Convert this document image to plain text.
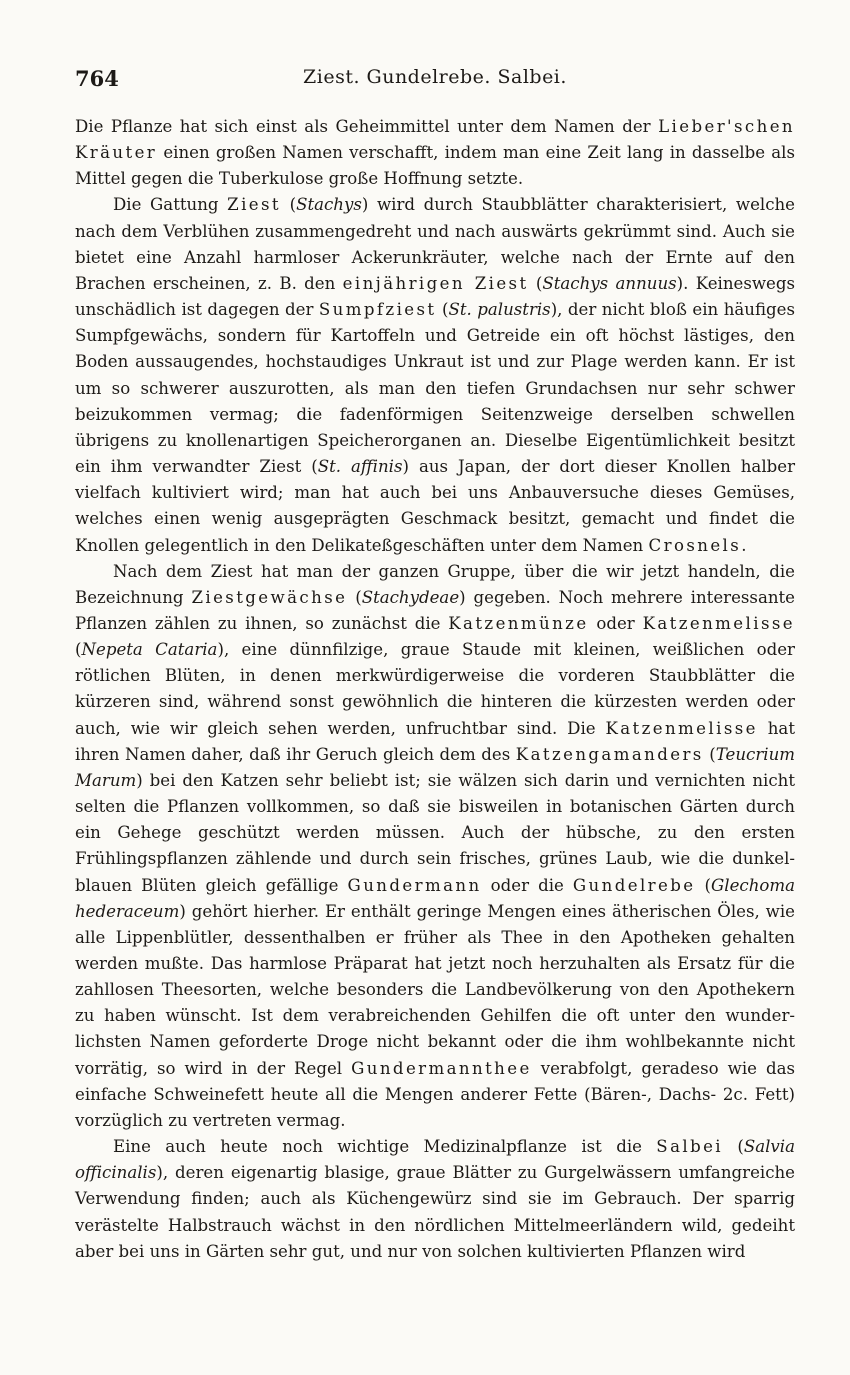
764	Ziest. Gundelrebe. Salbei.

Die Pflanze hat sich einst als Geheimmittel unter dem Namen der Lieber'schen Kräuter einen großen Namen verschafft, indem man eine Zeit lang in dasselbe als Mittel gegen die Tuberkulose große Hoffnung setzte.

Die Gattung Ziest (Stachys) wird durch Staubblätter charakterisiert, welche nach dem Verblühen zusammengedreht und nach auswärts gekrümmt sind. Auch sie bietet eine Anzahl harmloser Ackerunkräuter, welche nach der Ernte auf den Brachen erscheinen, z. B. den einjährigen Ziest (Stachys annuus). Keineswegs unschädlich ist dagegen der Sumpfziest (St. palustris), der nicht bloß ein häufiges Sumpfgewächs, sondern für Kartoffeln und Getreide ein oft höchst lästiges, den Boden aussaugendes, hochstaudiges Unkraut ist und zur Plage werden kann. Er ist um so schwerer auszurotten, als man den tiefen Grundachsen nur sehr schwer beizukommen vermag; die fadenförmigen Seitenzweige derselben schwellen übrigens zu knollenartigen Speicherorganen an. Dieselbe Eigentümlichkeit besitzt ein ihm verwandter Ziest (St. affinis) aus Japan, der dort dieser Knollen halber vielfach kultiviert wird; man hat auch bei uns Anbauversuche dieses Gemüses, welches einen wenig ausgeprägten Geschmack besitzt, gemacht und findet die Knollen gelegentlich in den Delikateßgeschäften unter dem Namen Crosnels.

Nach dem Ziest hat man der ganzen Gruppe, über die wir jetzt handeln, die Bezeichnung Ziestgewächse (Stachydeae) gegeben. Noch mehrere interessante Pflanzen zählen zu ihnen, so zunächst die Katzenmünze oder Katzenmelisse (Nepeta Cataria), eine dünnfilzige, graue Staude mit kleinen, weißlichen oder rötlichen Blüten, in denen merkwürdigerweise die vorderen Staubblätter die kürzeren sind, während sonst gewöhnlich die hinteren die kürzesten werden oder auch, wie wir gleich sehen werden, unfruchtbar sind. Die Katzenmelisse hat ihren Namen daher, daß ihr Geruch gleich dem des Katzengamanders (Teucrium Marum) bei den Katzen sehr beliebt ist; sie wälzen sich darin und vernichten nicht selten die Pflanzen vollkommen, so daß sie bisweilen in botanischen Gärten durch ein Gehege geschützt werden müssen. Auch der hübsche, zu den ersten Frühlingspflanzen zählende und durch sein frisches, grünes Laub, wie die dunkelblauen Blüten gleich gefällige Gundermann oder die Gundelrebe (Glechoma hederaceum) gehört hierher. Er enthält geringe Mengen eines ätherischen Öles, wie alle Lippenblütler, dessenthalben er früher als Thee in den Apotheken gehalten werden mußte. Das harmlose Präparat hat jetzt noch herzuhalten als Ersatz für die zahllosen Theesorten, welche besonders die Landbevölkerung von den Apothekern zu haben wünscht. Ist dem verabreichenden Gehilfen die oft unter den wunderlichsten Namen geforderte Droge nicht bekannt oder die ihm wohlbekannte nicht vorrätig, so wird in der Regel Gundermannthee verabfolgt, geradeso wie das einfache Schweinefett heute all die Mengen anderer Fette (Bären-, Dachs- 2c. Fett) vorzüglich zu vertreten vermag.

Eine auch heute noch wichtige Medizinalpflanze ist die Salbei (Salvia officinalis), deren eigenartig blasige, graue Blätter zu Gurgelwässern umfangreiche Verwendung finden; auch als Küchengewürz sind sie im Gebrauch. Der sparrig verästelte Halbstrauch wächst in den nördlichen Mittelmeerländern wild, gedeiht aber bei uns in Gärten sehr gut, und nur von solchen kultivierten Pflanzen wird
